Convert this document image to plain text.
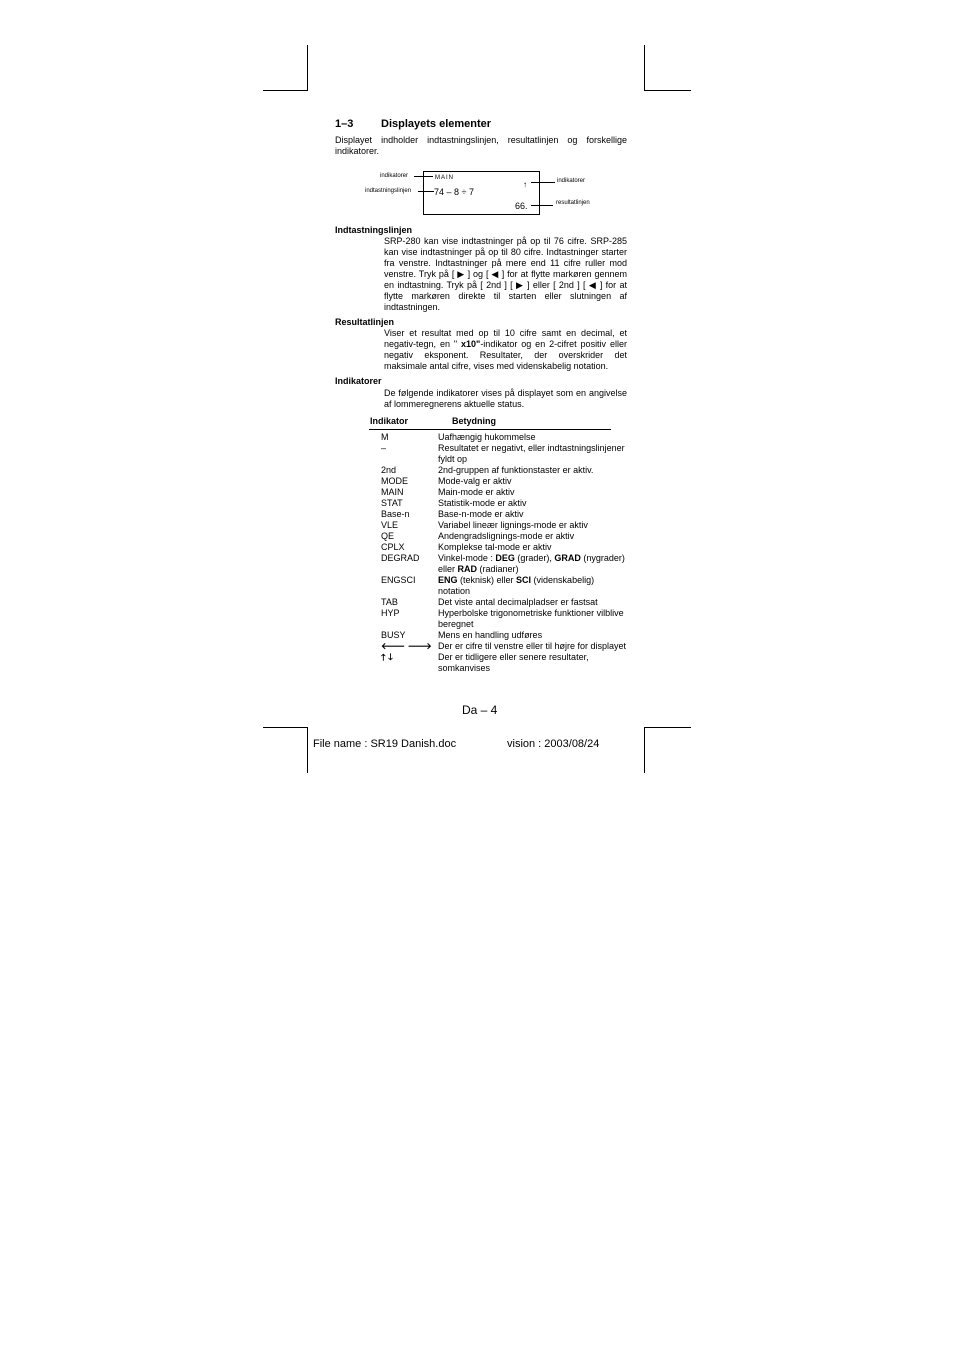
1–3	Displayets elementer
Displayet indholder indtastningslinjen, resultatlinjen og forskellige indikatorer.
MAIN
74 – 8 ÷ 7
↑
66.
indikatorer
indtastningslinjen
indikatorer
resultatlinjen
Indtastningslinjen
SRP-280 kan vise indtastninger på op til 76 cifre. SRP-285 kan vise indtastninger på op til 80 cifre. Indtastninger starter fra venstre. Indtastninger på mere end 11 cifre ruller mod venstre. Tryk på [ ▶ ] og [ ◀ ] for at flytte markøren gennem en indtastning. Tryk på [ 2nd ] [ ▶ ] eller [ 2nd ] [ ◀ ] for at flytte markøren direkte til starten eller slutningen af indtastningen.
Resultatlinjen
Viser et resultat med op til 10 cifre samt en decimal, et negativ-tegn, en " x10"-indikator og en 2-cifret positiv eller negativ eksponent. Resultater, der overskrider det maksimale antal cifre, vises med videnskabelig notation.
Indikatorer
De følgende indikatorer vises på displayet som en angivelse af lommeregnerens aktuelle status.
Indikator	Betydning
M	Uafhængig hukommelse
–	Resultatet er negativt, eller indtastningslinjener fyldt op
2nd	2nd-gruppen af funktionstaster er aktiv.
MODE	Mode-valg er aktiv
MAIN	Main-mode er aktiv
STAT	Statistik-mode er aktiv
Base-n	Base-n-mode er aktiv
VLE	Variabel lineær lignings-mode er aktiv
QE	Andengradslignings-mode er aktiv
CPLX	Komplekse tal-mode er aktiv
DEGRAD	Vinkel-mode : DEG (grader), GRAD (nygrader) eller RAD (radianer)
ENGSCI	ENG (teknisk) eller SCI (videnskabelig) notation
TAB	Det viste antal decimalpladser er fastsat
HYP	Hyperbolske trigonometriske funktioner vilblive beregnet
BUSY	Mens en handling udføres
🡐 🡒 Der er cifre til venstre eller til højre for displayet
🡑 🡓	Der er tidligere eller senere resultater, somkanvises
Da – 4
File name : SR19 Danish.doc	vision : 2003/08/24
